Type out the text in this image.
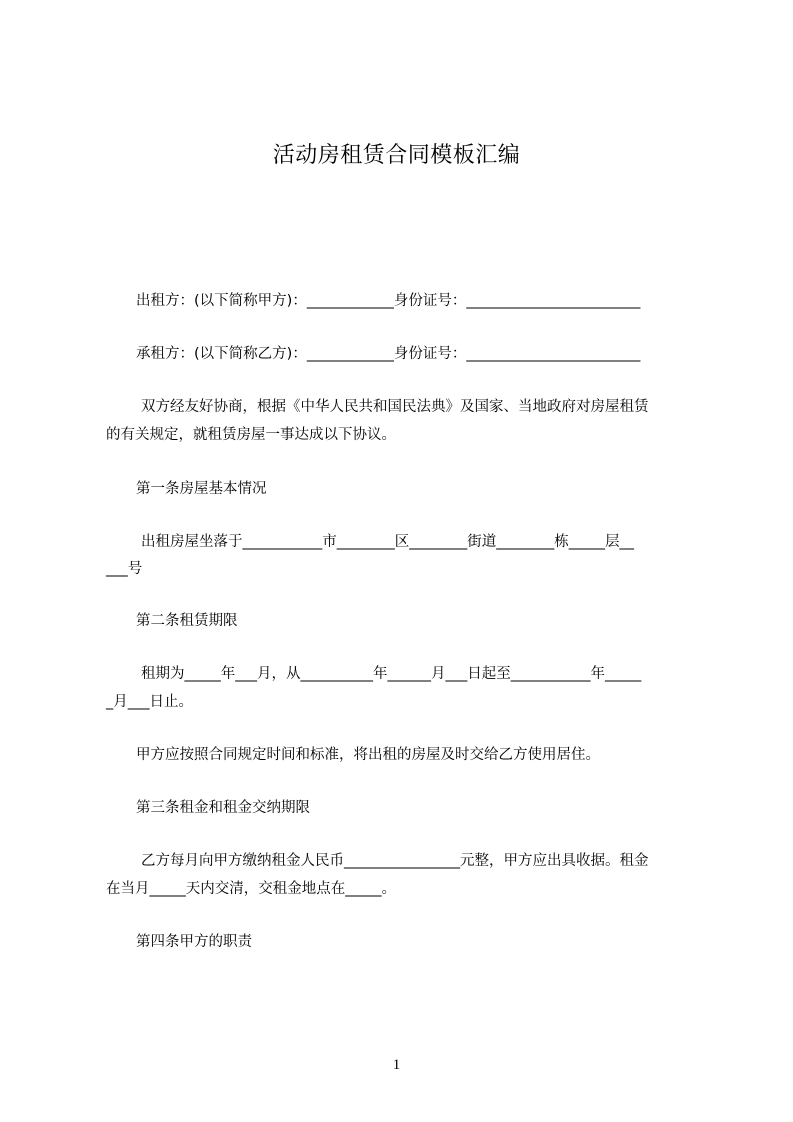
活动房租赁合同模板汇编
出租方：(以下简称甲方)：____________身份证号：________________________
承租方：(以下简称乙方)：____________身份证号：________________________
双方经友好协商，根据《中华人民共和国民法典》及国家、当地政府对房屋租赁
的有关规定，就租赁房屋一事达成以下协议。
第一条房屋基本情况
出租房屋坐落于___________市________区________街道________栋_____层__
___号
第二条租赁期限
租期为_____年___月，从__________年______月___日起至___________年_____
_月___日止。
甲方应按照合同规定时间和标准，将出租的房屋及时交给乙方使用居住。
第三条租金和租金交纳期限
乙方每月向甲方缴纳租金人民币________________元整，甲方应出具收据。租金
在当月_____天内交清，交租金地点在_____。
第四条甲方的职责
1
